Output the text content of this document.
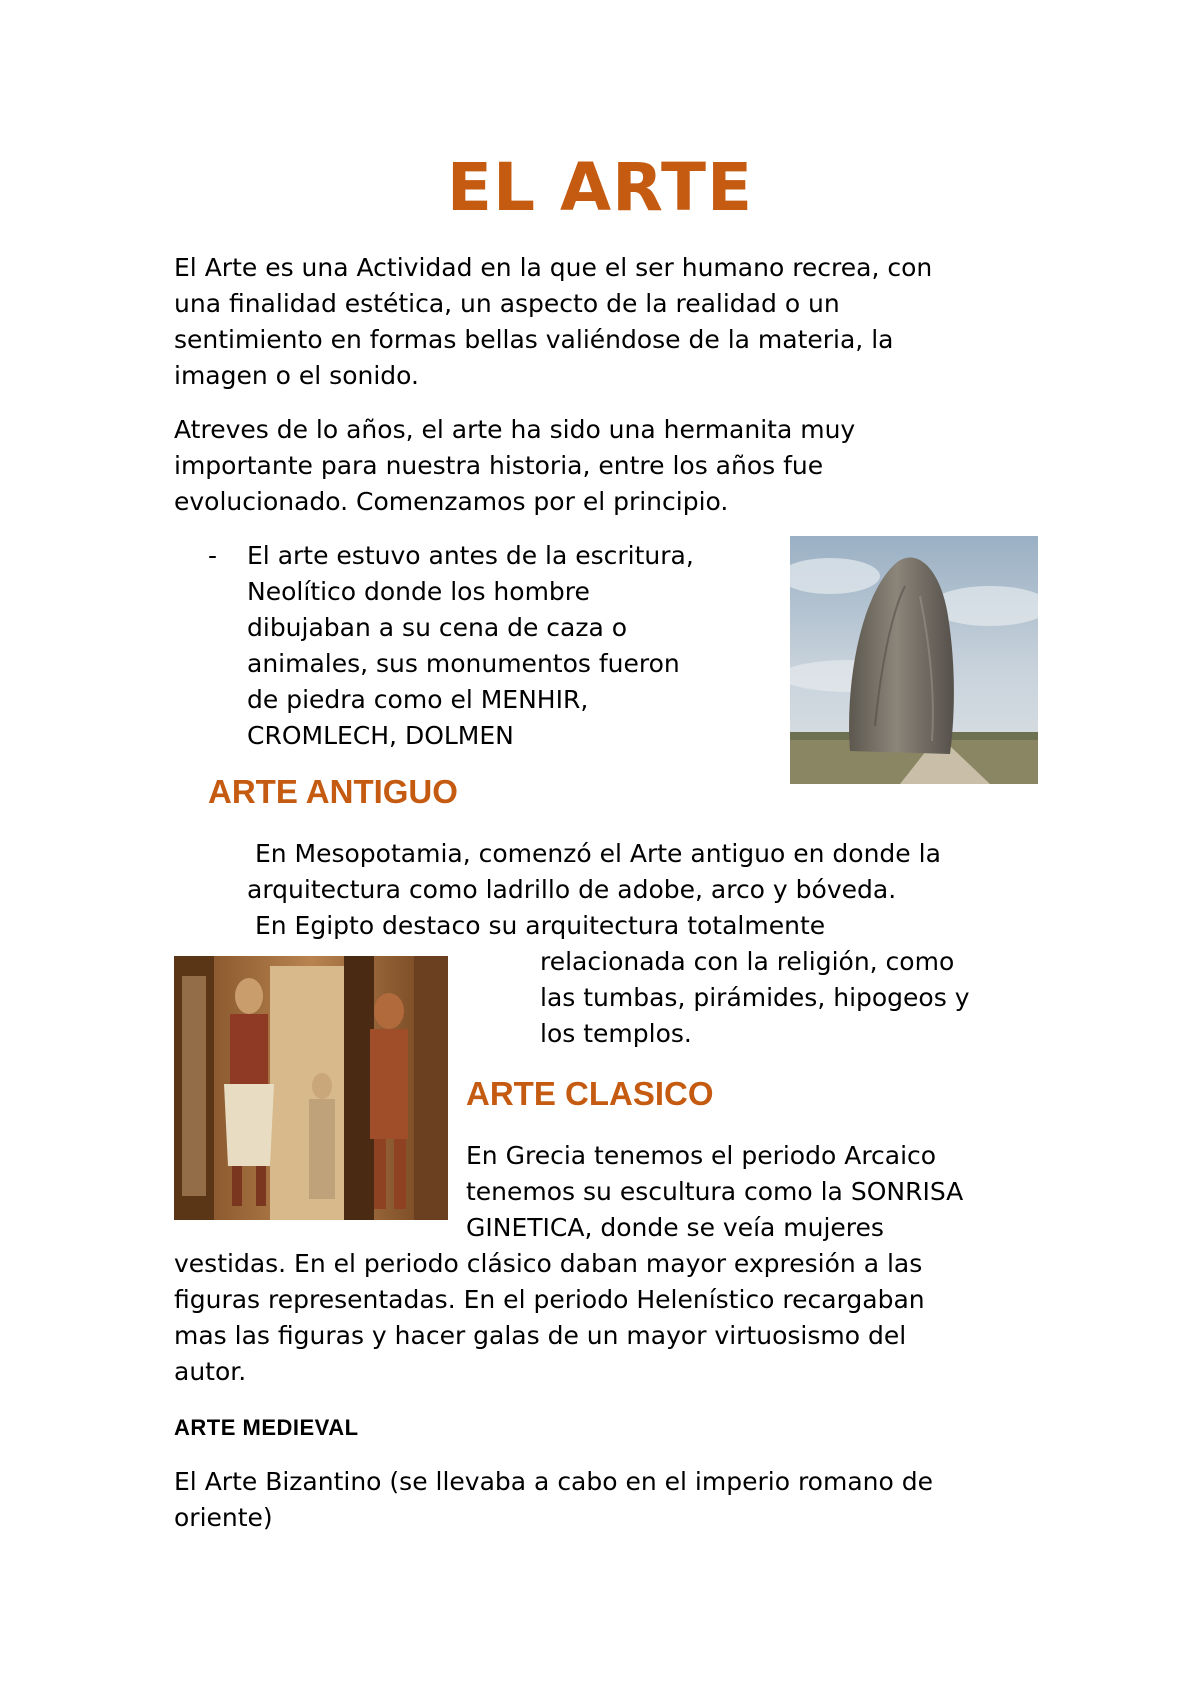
EL ARTE

El Arte es una Actividad en la que el ser humano recrea, con

una finalidad estética, un aspecto de la realidad o un

sentimiento en formas bellas valiéndose de la materia, la

imagen o el sonido.

Atreves de lo años, el arte ha sido una hermanita muy

importante para nuestra historia, entre los años fue

evolucionado. Comenzamos por el principio.

- El arte estuvo antes de la escritura,

Neolítico donde los hombre

dibujaban a su cena de caza o

animales, sus monumentos fueron

de piedra como el MENHIR,

CROMLECH, DOLMEN

ARTE ANTIGUO

En Mesopotamia, comenzó el Arte antiguo en donde la

arquitectura como ladrillo de adobe, arco y bóveda.

En Egipto destaco su arquitectura totalmente

relacionada con la religión, como

las tumbas, pirámides, hipogeos y

los templos.

ARTE CLASICO

En Grecia tenemos el periodo Arcaico

tenemos su escultura como la SONRISA

GINETICA, donde se veía mujeres

vestidas. En el periodo clásico daban mayor expresión a las

figuras representadas. En el periodo Helenístico recargaban

mas las figuras y hacer galas de un mayor virtuosismo del

autor.

ARTE MEDIEVAL

El Arte Bizantino (se llevaba a cabo en el imperio romano de

oriente)
